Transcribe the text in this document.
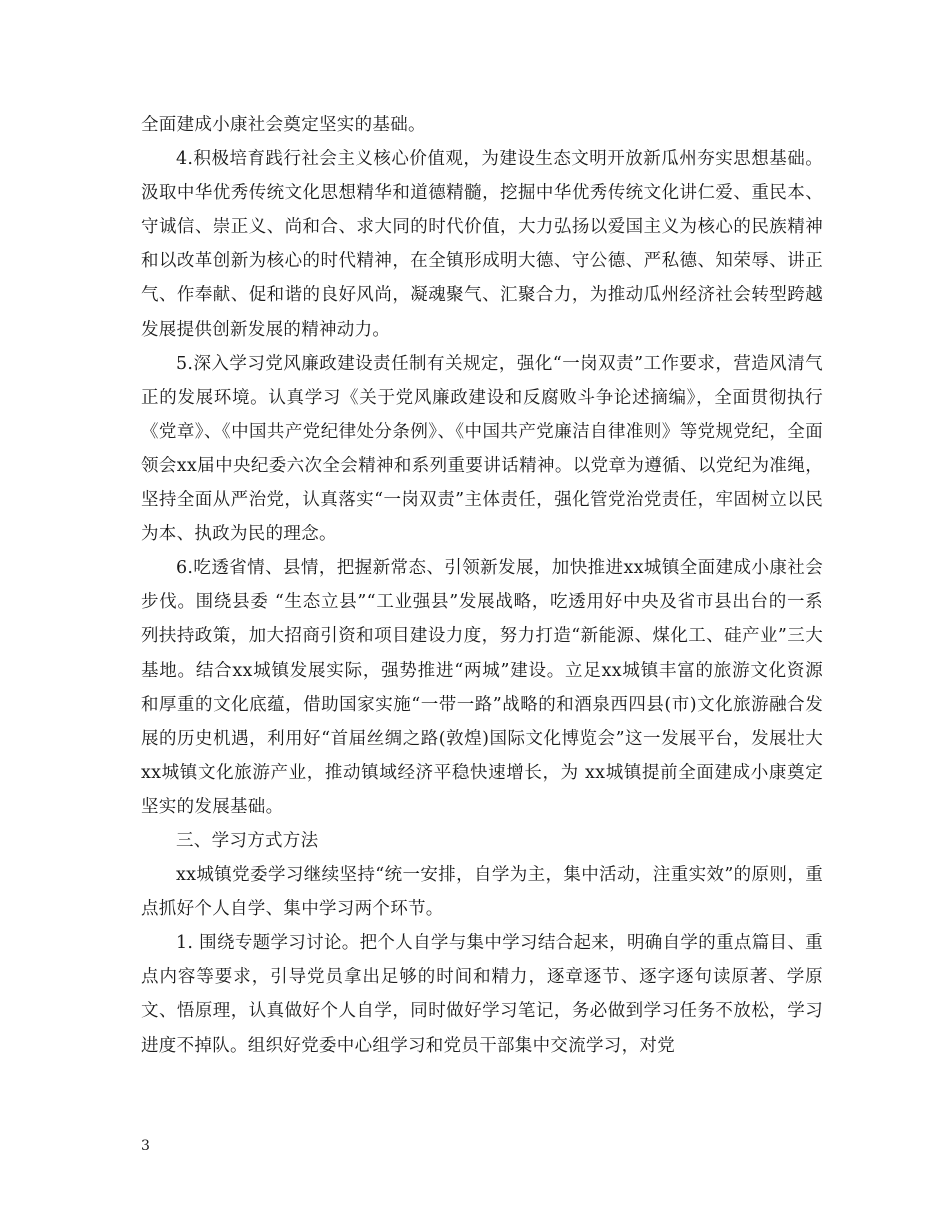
全面建成小康社会奠定坚实的基础。

4.积极培育践行社会主义核心价值观，为建设生态文明开放新瓜州夯实思想基础。汲取中华优秀传统文化思想精华和道德精髓，挖掘中华优秀传统文化讲仁爱、重民本、守诚信、崇正义、尚和合、求大同的时代价值，大力弘扬以爱国主义为核心的民族精神和以改革创新为核心的时代精神，在全镇形成明大德、守公德、严私德、知荣辱、讲正气、作奉献、促和谐的良好风尚，凝魂聚气、汇聚合力，为推动瓜州经济社会转型跨越发展提供创新发展的精神动力。

5.深入学习党风廉政建设责任制有关规定，强化“一岗双责”工作要求，营造风清气正的发展环境。认真学习《关于党风廉政建设和反腐败斗争论述摘编》，全面贯彻执行《党章》、《中国共产党纪律处分条例》、《中国共产党廉洁自律准则》等党规党纪，全面领会xx届中央纪委六次全会精神和系列重要讲话精神。以党章为遵循、以党纪为准绳，坚持全面从严治党，认真落实“一岗双责”主体责任，强化管党治党责任，牢固树立以民为本、执政为民的理念。

6.吃透省情、县情，把握新常态、引领新发展，加快推进xx城镇全面建成小康社会步伐。围绕县委 “生态立县”“工业强县”发展战略，吃透用好中央及省市县出台的一系列扶持政策，加大招商引资和项目建设力度，努力打造“新能源、煤化工、硅产业”三大基地。结合xx城镇发展实际，强势推进“两城”建设。立足xx城镇丰富的旅游文化资源和厚重的文化底蕴，借助国家实施“一带一路”战略的和酒泉西四县(市)文化旅游融合发展的历史机遇，利用好“首届丝绸之路(敦煌)国际文化博览会”这一发展平台，发展壮大xx城镇文化旅游产业，推动镇域经济平稳快速增长，为 xx城镇提前全面建成小康奠定坚实的发展基础。

三、学习方式方法

xx城镇党委学习继续坚持“统一安排，自学为主，集中活动，注重实效”的原则，重点抓好个人自学、集中学习两个环节。

1. 围绕专题学习讨论。把个人自学与集中学习结合起来，明确自学的重点篇目、重点内容等要求，引导党员拿出足够的时间和精力，逐章逐节、逐字逐句读原著、学原文、悟原理，认真做好个人自学，同时做好学习笔记，务必做到学习任务不放松，学习进度不掉队。组织好党委中心组学习和党员干部集中交流学习，对党

3
